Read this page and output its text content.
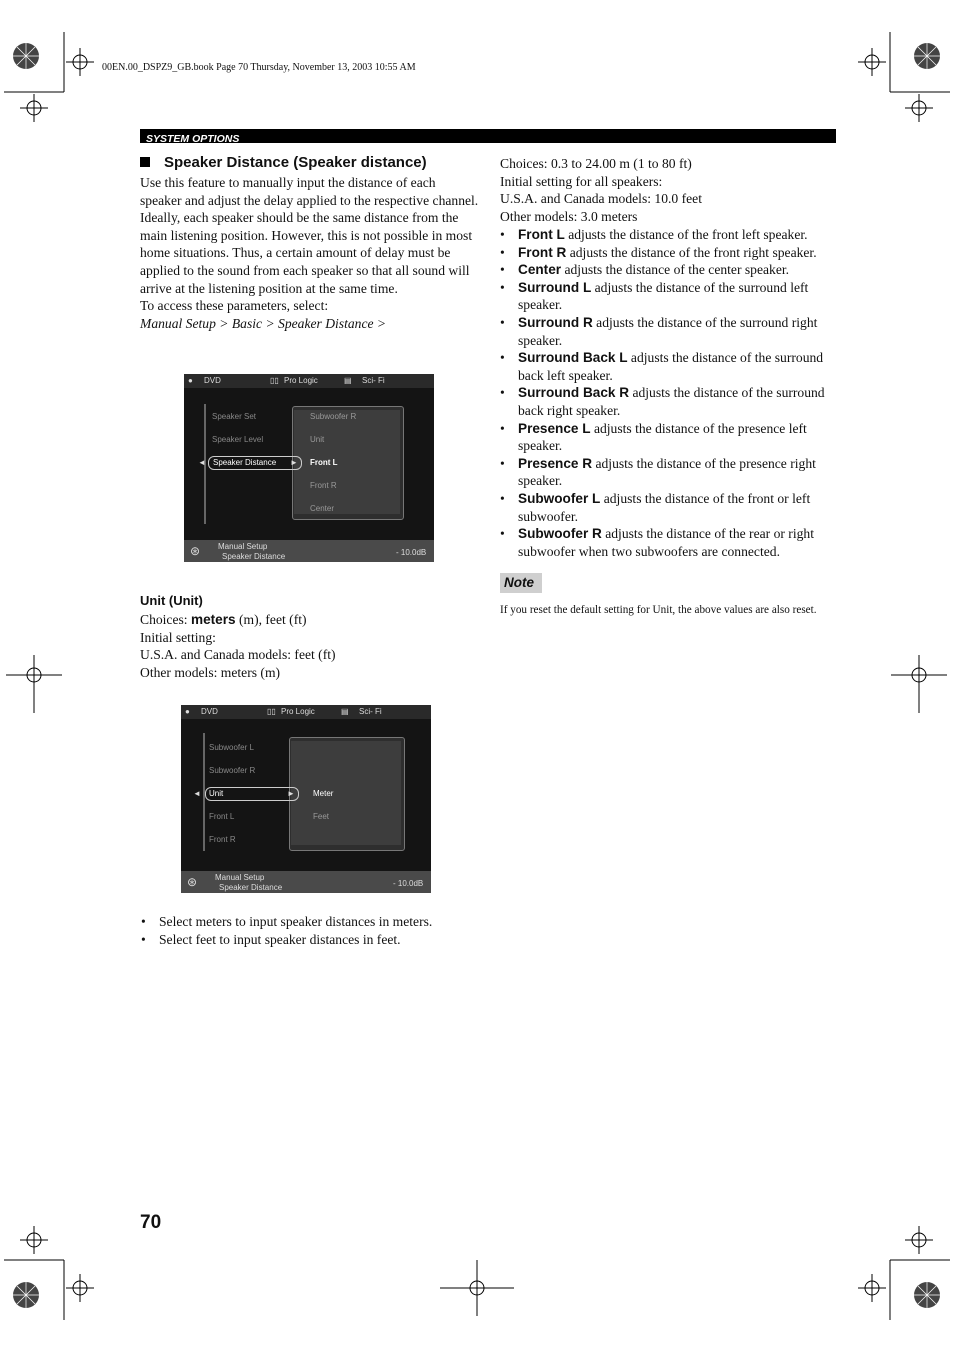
00EN.00_DSPZ9_GB.book Page 70 Thursday, November 13, 2003 10:55 AM
SYSTEM OPTIONS
Speaker Distance (Speaker distance)
Use this feature to manually input the distance of each speaker and adjust the delay applied to the respective channel. Ideally, each speaker should be the same distance from the main listening position. However, this is not possible in most home situations. Thus, a certain amount of delay must be applied to the sound from each speaker so that all sound will arrive at the listening position at the same time.
To access these parameters, select:
Manual Setup > Basic > Speaker Distance >
● DVD	▯▯ Pro Logic	▤ Sci- Fi
Speaker Set
Speaker Level
◄ Speaker Distance ►
Subwoofer R
Unit
Front L
Front R
Center
⊛ Manual Setup
Speaker Distance	- 10.0dB
Unit (Unit)
Choices: meters (m), feet (ft)
Initial setting:
U.S.A. and Canada models: feet (ft)
Other models: meters (m)
● DVD	▯▯ Pro Logic	▤ Sci- Fi
Subwoofer L
Subwoofer R
◄ Unit	►
Front L
Front R
Meter
Feet
⊛ Manual Setup
Speaker Distance	- 10.0dB
• Select meters to input speaker distances in meters.
• Select feet to input speaker distances in feet.
Choices: 0.3 to 24.00 m (1 to 80 ft)
Initial setting for all speakers:
U.S.A. and Canada models: 10.0 feet
Other models: 3.0 meters
• Front L adjusts the distance of the front left speaker.
• Front R adjusts the distance of the front right speaker.
• Center adjusts the distance of the center speaker.
• Surround L adjusts the distance of the surround left speaker.
• Surround R adjusts the distance of the surround right speaker.
• Surround Back L adjusts the distance of the surround back left speaker.
• Surround Back R adjusts the distance of the surround back right speaker.
• Presence L adjusts the distance of the presence left speaker.
• Presence R adjusts the distance of the presence right speaker.
• Subwoofer L adjusts the distance of the front or left subwoofer.
• Subwoofer R adjusts the distance of the rear or right subwoofer when two subwoofers are connected.
Note
If you reset the default setting for Unit, the above values are also reset.
70
